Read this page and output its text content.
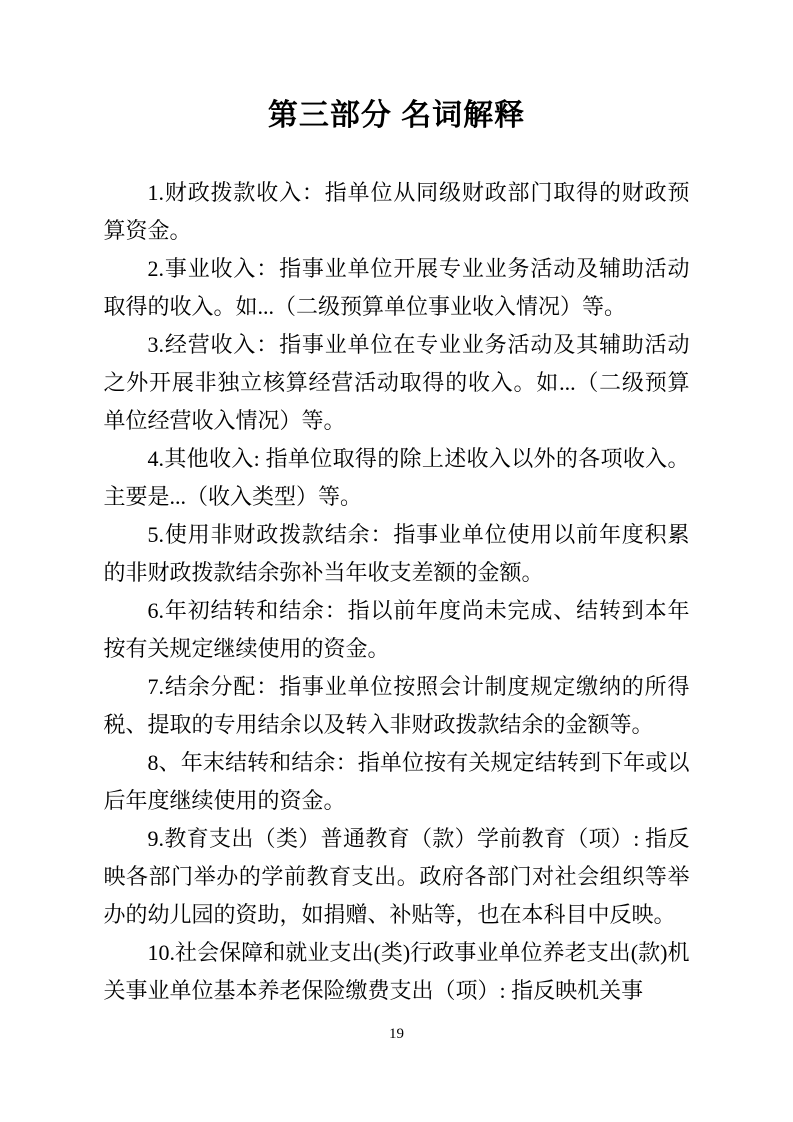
第三部分 名词解释

1.财政拨款收入：指单位从同级财政部门取得的财政预算资金。

2.事业收入：指事业单位开展专业业务活动及辅助活动取得的收入。如...（二级预算单位事业收入情况）等。

3.经营收入：指事业单位在专业业务活动及其辅助活动之外开展非独立核算经营活动取得的收入。如...（二级预算单位经营收入情况）等。

4.其他收入: 指单位取得的除上述收入以外的各项收入。主要是...（收入类型）等。

5.使用非财政拨款结余：指事业单位使用以前年度积累的非财政拨款结余弥补当年收支差额的金额。

6.年初结转和结余：指以前年度尚未完成、结转到本年按有关规定继续使用的资金。

7.结余分配：指事业单位按照会计制度规定缴纳的所得税、提取的专用结余以及转入非财政拨款结余的金额等。

8、年末结转和结余：指单位按有关规定结转到下年或以后年度继续使用的资金。

9.教育支出（类）普通教育（款）学前教育（项）: 指反映各部门举办的学前教育支出。政府各部门对社会组织等举办的幼儿园的资助，如捐赠、补贴等，也在本科目中反映。

10.社会保障和就业支出(类)行政事业单位养老支出(款)机关事业单位基本养老保险缴费支出（项）: 指反映机关事

19
